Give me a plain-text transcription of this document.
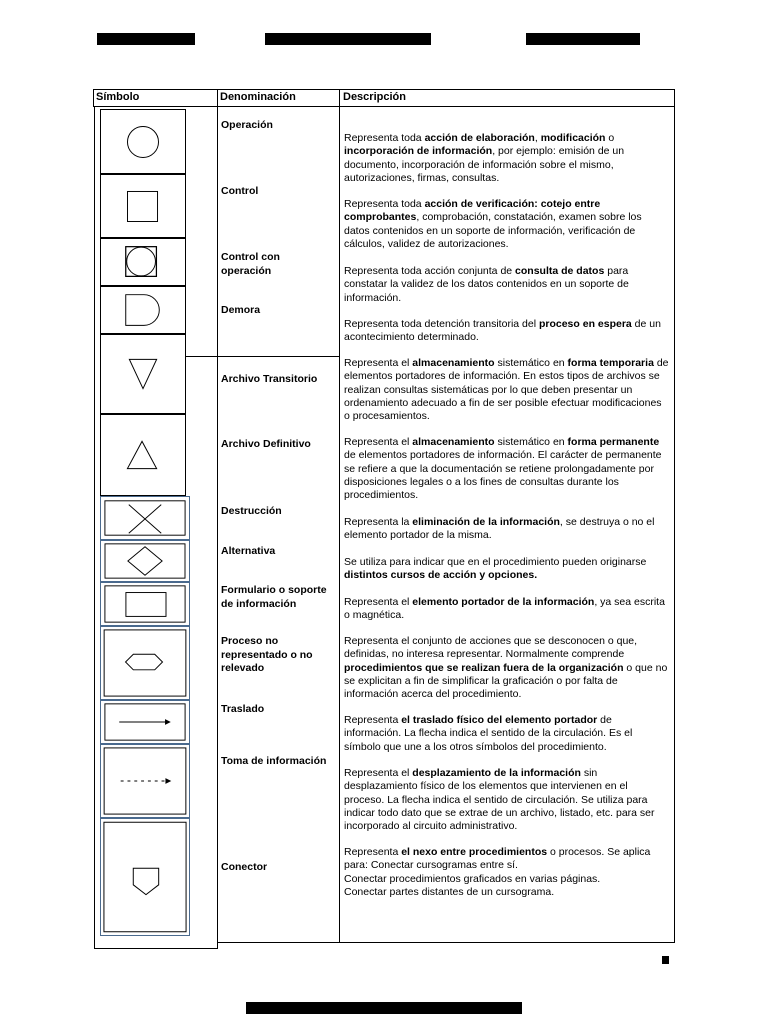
Símbolo	Denominación	Descripción
Operación
Control
Control con operación
Demora
Archivo Transitorio
Archivo Definitivo
Destrucción
Alternativa
Formulario o soporte de información
Proceso no representado o no relevado
Traslado
Toma de información
Conector
Representa toda acción de elaboración, modificación o incorporación de información, por ejemplo: emisión de un documento, incorporación de información sobre el mismo, autorizaciones, firmas, consultas.
Representa toda acción de verificación: cotejo entre comprobantes, comprobación, constatación, examen sobre los datos contenidos en un soporte de información, verificación de cálculos, validez de autorizaciones.
Representa toda acción conjunta de consulta de datos para constatar la validez de los datos contenidos en un soporte de información.
Representa toda detención transitoria del proceso en espera de un acontecimiento determinado.
Representa el almacenamiento sistemático en forma temporaria de elementos portadores de información. En estos tipos de archivos se realizan consultas sistemáticas por lo que deben presentar un ordenamiento adecuado a fin de ser posible efectuar modificaciones o procesamientos.
Representa el almacenamiento sistemático en forma permanente de elementos portadores de información. El carácter de permanente se refiere a que la documentación se retiene prolongadamente por disposiciones legales o a los fines de consultas durante los procedimientos.
Representa la eliminación de la información, se destruya o no el elemento portador de la misma.
Se utiliza para indicar que en el procedimiento pueden originarse distintos cursos de acción y opciones.
Representa el elemento portador de la información, ya sea escrita o magnética.
Representa el conjunto de acciones que se desconocen o que, definidas, no interesa representar. Normalmente comprende procedimientos que se realizan fuera de la organización o que no se explicitan a fin de simplificar la graficación o por falta de información acerca del procedimiento.
Representa el traslado físico del elemento portador de información. La flecha indica el sentido de la circulación. Es el símbolo que une a los otros símbolos del procedimiento.
Representa el desplazamiento de la información sin desplazamiento físico de los elementos que intervienen en el proceso. La flecha indica el sentido de circulación. Se utiliza para indicar todo dato que se extrae de un archivo, listado, etc. para ser incorporado al circuito administrativo.
Representa el nexo entre procedimientos o procesos. Se aplica para: Conectar cursogramas entre sí.
Conectar procedimientos graficados en varias páginas.
Conectar partes distantes de un cursograma.
